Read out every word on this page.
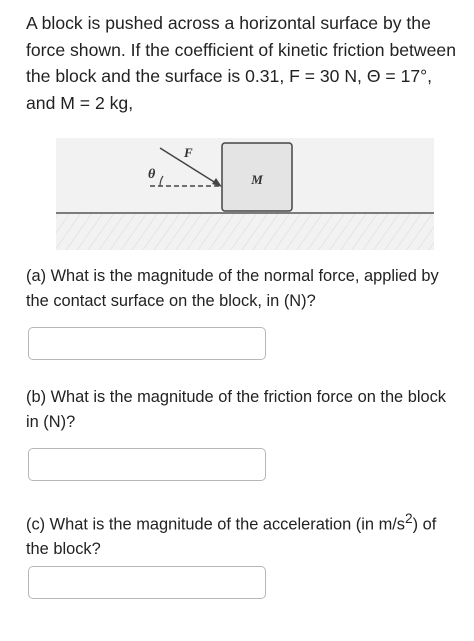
A block is pushed across a horizontal surface by the force shown. If the coefficient of kinetic friction between the block and the surface is 0.31, F = 30 N, Θ = 17°, and M = 2 kg,

M
F
θ

(a) What is the magnitude of the normal force, applied by the contact surface on the block, in (N)?

(b) What is the magnitude of the friction force on the block in (N)?

(c) What is the magnitude of the acceleration (in $m/s^2$) of the block?
